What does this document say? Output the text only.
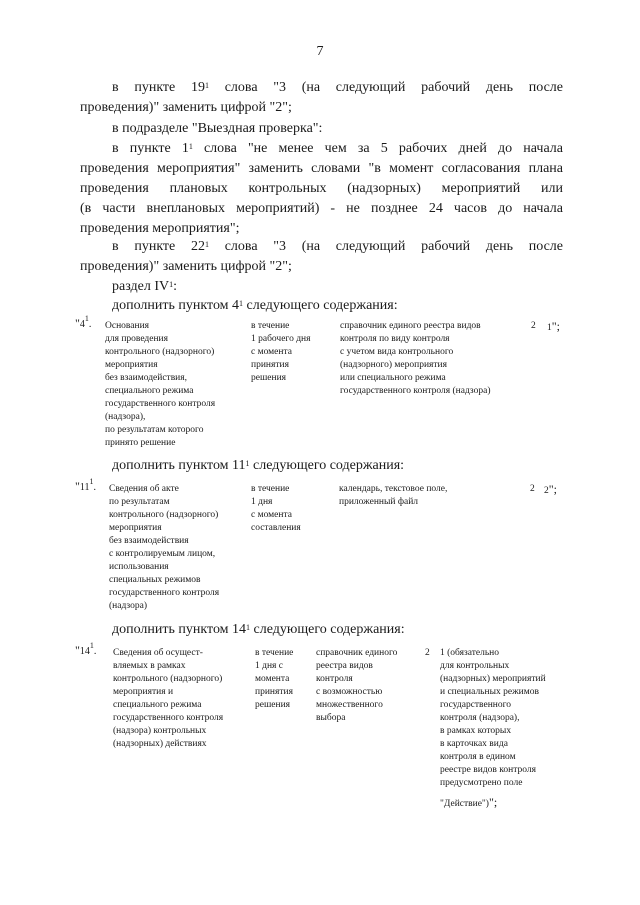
7
в пункте $19^1$ слова "3 (на следующий рабочий день после
проведения)" заменить цифрой "2";
в подразделе "Выездная проверка":
в пункте $1^1$ слова "не менее чем за 5 рабочих дней до начала
проведения мероприятия" заменить словами "в момент согласования плана
проведения плановых контрольных (надзорных) мероприятий или
(в части внеплановых мероприятий) - не позднее 24 часов до начала
проведения мероприятия";
в пункте $22^1$ слова "3 (на следующий рабочий день после
проведения)" заменить цифрой "2";
раздел $IV^1$:
дополнить пунктом $4^1$ следующего содержания:
"$4^1$. Основания
для проведения
контрольного (надзорного)
мероприятия
без взаимодействия,
специального режима
государственного контроля
(надзора),
по результатам которого
принято решение
в течение
1 рабочего дня
с момента
принятия
решения
справочник единого реестра видов
контроля по виду контроля
с учетом вида контрольного
(надзорного) мероприятия
или специального режима
государственного контроля (надзора)
2 1";
дополнить пунктом $11^1$ следующего содержания:
"$11^1$. Сведения об акте
по результатам
контрольного (надзорного)
мероприятия
без взаимодействия
с контролируемым лицом,
использования
специальных режимов
государственного контроля
(надзора)
в течение
1 дня
с момента
составления
календарь, текстовое поле,
приложенный файл
2 2";
дополнить пунктом $14^1$ следующего содержания:
"$14^1$. Сведения об осущест-
вляемых в рамках
контрольного (надзорного)
мероприятия и
специального режима
государственного контроля
(надзора) контрольных
(надзорных) действиях
в течение
1 дня с
момента
принятия
решения
справочник единого
реестра видов
контроля
с возможностью
множественного
выбора
2 1 (обязательно
для контрольных
(надзорных) мероприятий
и специальных режимов
государственного
контроля (надзора),
в рамках которых
в карточках вида
контроля в едином
реестре видов контроля
предусмотрено поле
"Действие")";
